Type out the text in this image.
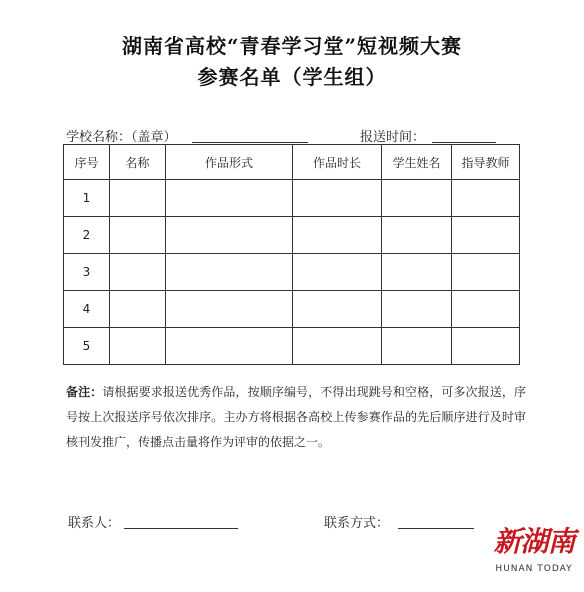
湖南省高校“青春学习堂”短视频大赛
参赛名单（学生组）
学校名称：（盖章）	报送时间：
序号	名称	作品形式	作品时长	学生姓名	指导教师
1					
2					
3					
4					
5					
备注：请根据要求报送优秀作品，按顺序编号，不得出现跳号和空格，可多次报送，序号按上次报送序号依次排序。主办方将根据各高校上传参赛作品的先后顺序进行及时审核刊发推广，传播点击量将作为评审的依据之一。
联系人：	联系方式：
新湖南
HUNAN TODAY
